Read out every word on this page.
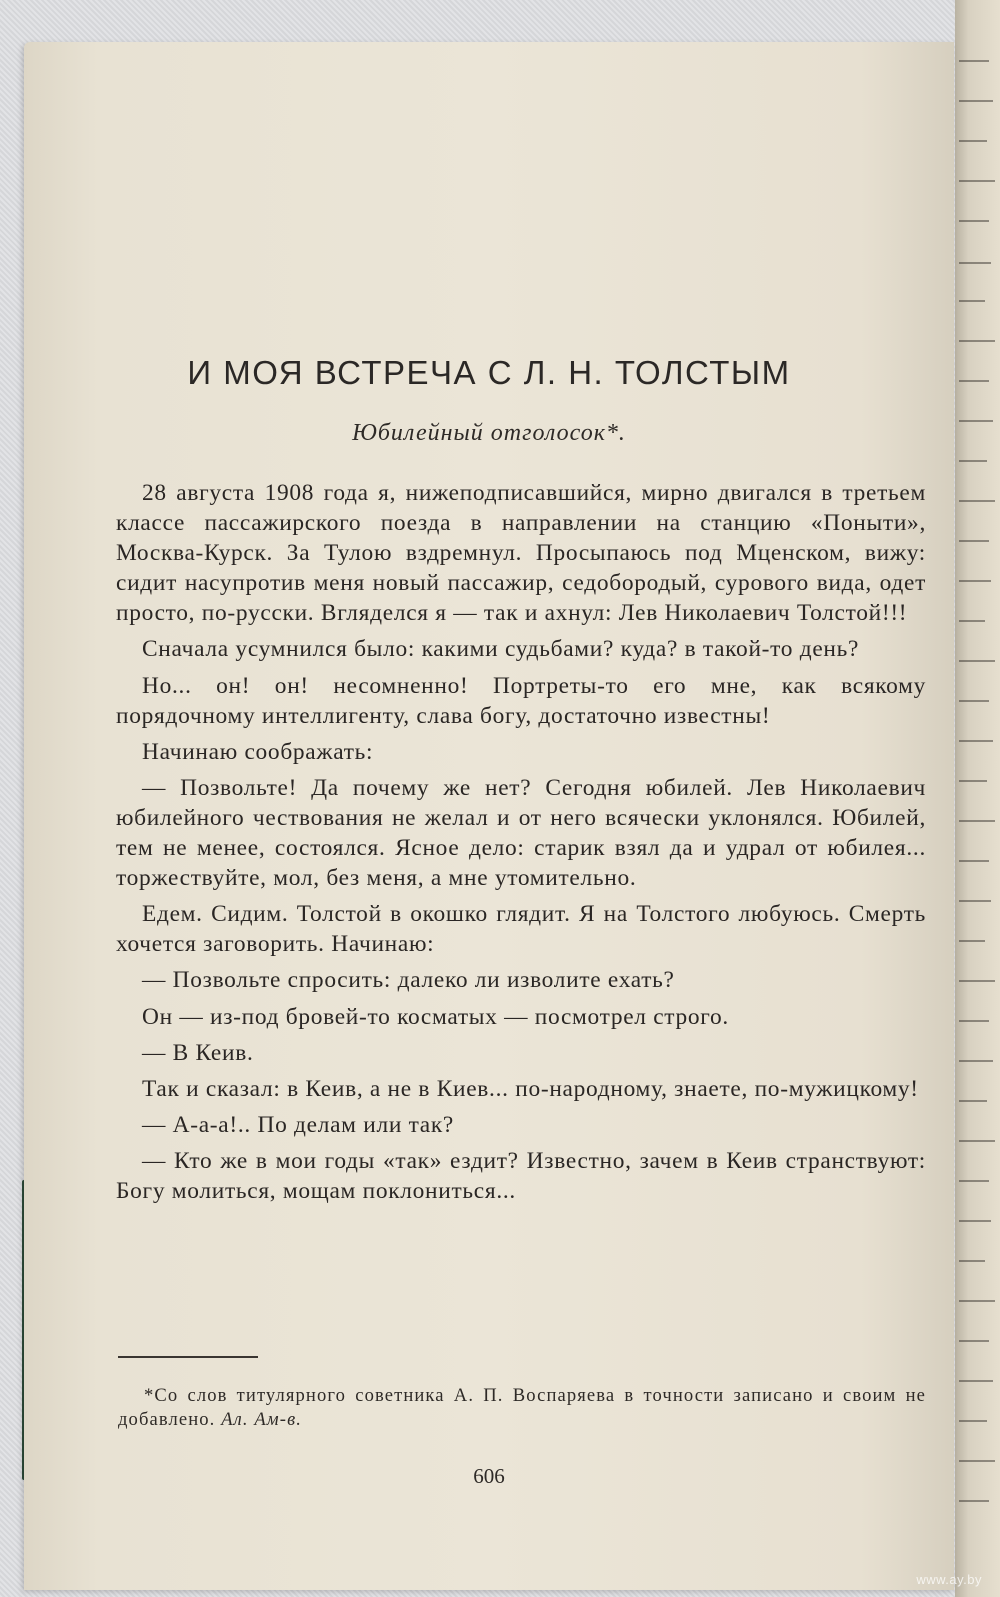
И МОЯ ВСТРЕЧА С Л. Н. ТОЛСТЫМ

Юбилейный отголосок*.

28 августа 1908 года я, нижеподписавшийся, мирно двигался в третьем классе пассажирского поезда в направлении на станцию «Поныти», Москва-Курск. За Тулою вздремнул. Просыпаюсь под Мценском, вижу: сидит насупротив меня новый пассажир, седобородый, сурового вида, одет просто, по-русски. Вгляделся я — так и ахнул: Лев Николаевич Толстой!!!

Сначала усумнился было: какими судьбами? куда? в такой-то день?

Но... он! он! несомненно! Портреты-то его мне, как всякому порядочному интеллигенту, слава богу, достаточно известны!

Начинаю соображать:

— Позвольте! Да почему же нет? Сегодня юбилей. Лев Николаевич юбилейного чествования не желал и от него всячески уклонялся. Юбилей, тем не менее, состоялся. Ясное дело: старик взял да и удрал от юбилея... торжествуйте, мол, без меня, а мне утомительно.

Едем. Сидим. Толстой в окошко глядит. Я на Толстого любуюсь. Смерть хочется заговорить. Начинаю:

— Позвольте спросить: далеко ли изволите ехать?

Он — из-под бровей-то косматых — посмотрел строго.

— В Кеив.

Так и сказал: в Кеив, а не в Киев... по-народному, знаете, по-мужицкому!

— А-а-а!.. По делам или так?

— Кто же в мои годы «так» ездит? Известно, зачем в Кеив странствуют: Богу молиться, мощам поклониться...

*Со слов титулярного советника А. П. Воспаряева в точности записано и своим не добавлено. Ал. Ам-в.

606

www.ay.by
